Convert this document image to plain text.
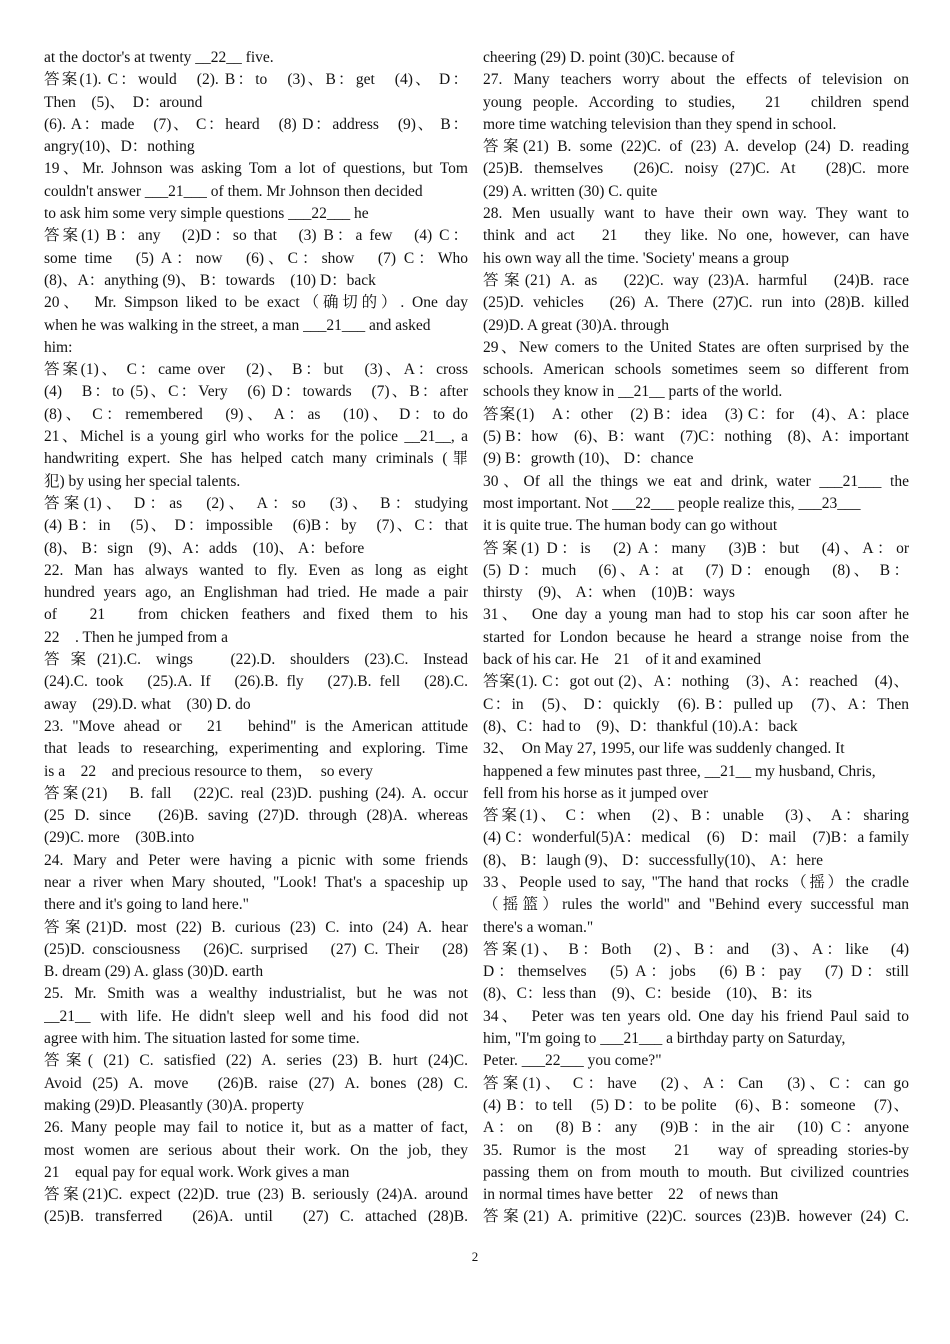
at the doctor's at twenty __22__ five.
答案(1). C：would　(2). B：to　(3)、B：get　(4)、 D：
Then　(5)、　D：around
(6). A：made　(7)、 C：heard　(8) D：address　(9)、 B：
angry(10)、D：nothing
19、Mr. Johnson was asking Tom a lot of questions, but Tom
couldn't answer ___21___ of them. Mr Johnson then decided
to ask him some very simple questions ___22___ he
答案(1) B：any　(2)D：so that　(3) B：a few　(4) C：
some time　(5) A：now　(6)、C：show　(7) C：Who
(8)、A：anything (9)、 B：towards　(10) D：back
20、　Mr. Simpson liked to be exact（确切的）. One day
when he was walking in the street, a man ___21___ and asked
him:
答案(1)、 C：came over　(2)、 B：but　(3)、A：cross
(4)　B：to (5)、C：Very　(6) D：towards　(7)、B：after
(8)、 C：remembered　(9)、 A：as　(10)、 D：to do
21、Michel is a young girl who works for the police __21__, a
handwriting expert. She has helped catch many criminals (罪
犯) by using her special talents.
答案(1)、 D：as　(2)、 A：so　(3)、 B：studying
(4) B：in　(5)、 D：impossible　(6)B：by　(7)、C：that
(8)、 B：sign　(9)、A：adds　(10)、 A：before
22. Man has always wanted to fly. Even as long as eight
hundred years ago, an Englishman had tried. He made a pair
of　21　from chicken feathers and fixed them to his
22　. Then he jumped from a
答案(21).C. wings　(22).D. shoulders (23).C. Instead
(24).C. took　(25).A. If　(26).B. fly　(27).B. fell　(28).C.
away　(29).D. what　(30) D. do
23. "Move ahead or　21　behind" is the American attitude
that leads to researching, experimenting and exploring. Time
is a　22　and precious resource to them，　so every
答案(21)　B. fall　(22)C. real (23)D. pushing (24). A. occur
(25 D. since　(26)B. saving (27)D. through (28)A. whereas
(29)C. more　(30B.into
24. Mary and Peter were having a picnic with some friends
near a river when Mary shouted, "Look! That's a spaceship up
there and it's going to land here."
答案(21)D. most (22) B. curious (23) C. into (24) A. hear
(25)D. consciousness　(26)C. surprised　(27) C. Their　(28)
B. dream (29) A. glass (30)D. earth
25. Mr. Smith was a wealthy industrialist, but he was not
__21__ with life. He didn't sleep well and his food did not
agree with him. The situation lasted for some time.
答案( (21) C. satisfied (22) A. series (23) B. hurt (24)C.
Avoid (25) A. move　(26)B. raise (27) A. bones (28) C.
making (29)D. Pleasantly (30)A. property
26. Many people may fail to notice it, but as a matter of fact,
most women are serious about their work. On the job, they
21　equal pay for equal work. Work gives a man
答案(21)C. expect (22)D. true (23) B. seriously (24)A. around
(25)B. transferred　(26)A. until　(27) C. attached (28)B.
cheering (29) D. point (30)C. because of
27. Many teachers worry about the effects of television on
young people. According to studies,　21　children spend
more time watching television than they spend in school.
答案(21) B. some (22)C. of (23) A. develop (24) D. reading
(25)B. themselves　(26)C. noisy (27)C. At　(28)C. more
(29) A. written (30) C. quite
28. Men usually want to have their own way. They want to
think and act　21　they like. No one, however, can have
his own way all the time. 'Society' means a group
答案(21) A. as　(22)C. way (23)A. harmful　(24)B. race
(25)D. vehicles　(26) A. There (27)C. run into (28)B. killed
(29)D. A great (30)A. through
29、New comers to the United States are often surprised by the
schools. American schools sometimes seem so different from
schools they know in __21__ parts of the world.
答案(1)　A：other　(2) B：idea　(3) C：for　(4)、A：place
(5) B：how　(6)、B：want　(7)C：nothing　(8)、A：important
(9) B：growth (10)、 D：chance
30、Of all the things we eat and drink, water ___21___ the
most important. Not ___22___ people realize this, ___23___
it is quite true. The human body can go without
答案(1) D：is　(2) A：many　(3)B：but　(4)、A：or
(5) D：much　(6)、A：at　(7) D：enough　(8)、 B：
thirsty　(9)、 A：when　(10)B：ways
31、　One day a young man had to stop his car soon after he
started for London because he heard a strange noise from the
back of his car. He　21　of it and examined
答案(1). C：got out (2)、A：nothing　(3)、A：reached　(4)、
C：in　(5)、 D：quickly　(6). B：pulled up　(7)、A：Then
(8)、C：had to　(9)、D：thankful (10).A：back
32、　On May 27, 1995, our life was suddenly changed. It
happened a few minutes past three, __21__ my husband, Chris,
fell from his horse as it jumped over
答案(1)、 C：when　(2)、B：unable　(3)、 A：sharing
(4) C：wonderful(5)A：medical　(6)　D：mail　(7)B：a family
(8)、 B：laugh (9)、 D：successfully(10)、 A：here
33、People used to say, "The hand that rocks（摇）the cradle
（摇篮）rules the world" and "Behind every successful man
there's a woman."
答案(1)、 B：Both　(2)、B：and　(3)、A：like　(4)
D：themselves　(5) A：jobs　(6) B：pay　(7) D：still
(8)、C：less than　(9)、C：beside　(10)、 B：its
34、　Peter was ten years old. One day his friend Paul said to
him, "I'm going to ___21___ a birthday party on Saturday,
Peter. ___22___ you come?"
答案(1)、 C：have　(2)、A：Can　(3)、C：can go
(4) B：to tell　(5) D：to be polite　(6)、B：someone　(7)、
A：on　(8) B：any　(9)B：in the air　(10) C：anyone
35. Rumor is the most　21　way of spreading stories-by
passing them on from mouth to mouth. But civilized countries
in normal times have better　22　of news than
答案(21) A. primitive (22)C. sources (23)B. however (24) C.
2
